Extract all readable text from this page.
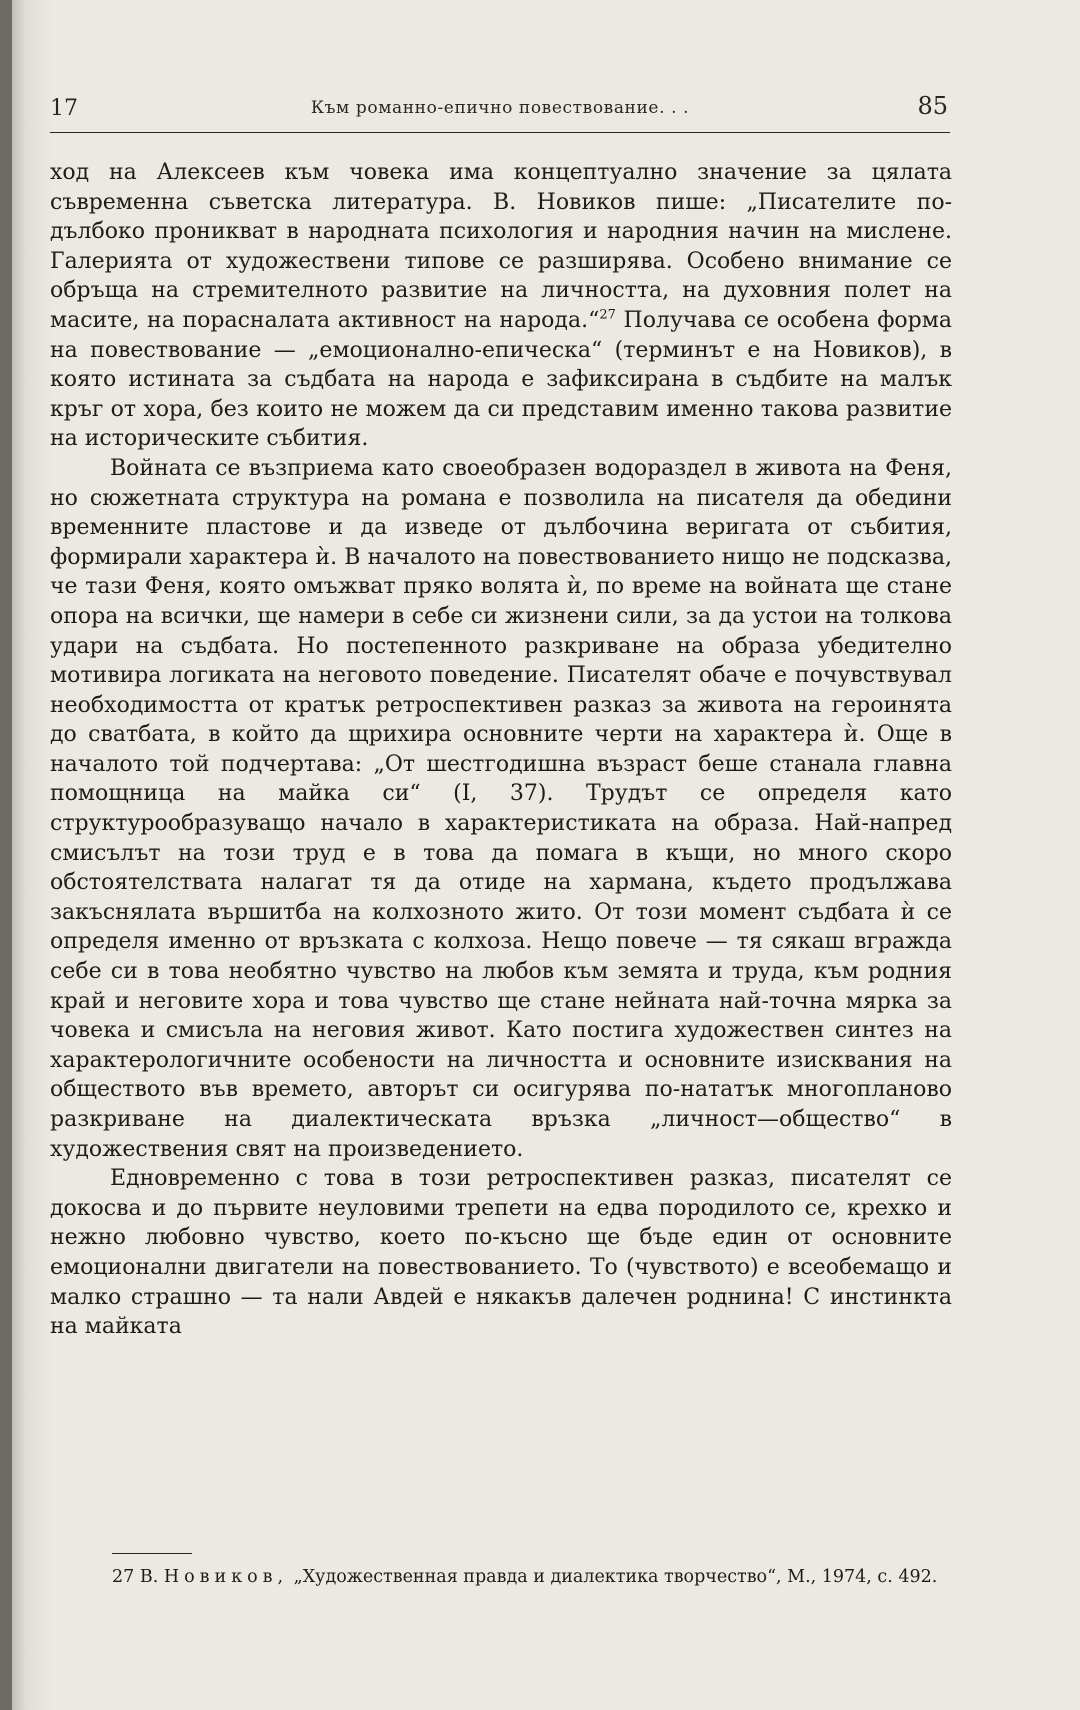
17	Към романно-епично повествование. . .	85

ход на Алексеев към човека има концептуално значение за цялата съвременна съветска литература. В. Новиков пише: „Писателите по-дълбоко проникват в народната психология и народния начин на мислене. Галерията от художествени типове се разширява. Особено внимание се обръща на стремителното развитие на личността, на духовния полет на масите, на порасналата активност на народа.“$^{27}$ Получава се особена форма на повествование — „емоционално-епическа“ (терминът е на Новиков), в която истината за съдбата на народа е зафиксирана в съдбите на малък кръг от хора, без които не можем да си представим именно такова развитие на историческите събития.

Войната се възприема като своеобразен водораздел в живота на Феня, но сюжетната структура на романа е позволила на писателя да обедини временните пластове и да изведе от дълбочина веригата от събития, формирали характера ѝ. В началото на повествованието нищо не подсказва, че тази Феня, която омъжват пряко волята ѝ, по време на войната ще стане опора на всички, ще намери в себе си жизнени сили, за да устои на толкова удари на съдбата. Но постепенното разкриване на образа убедително мотивира логиката на неговото поведение. Писателят обаче е почувствувал необходимостта от кратък ретроспективен разказ за живота на героинята до сватбата, в който да щрихира основните черти на характера ѝ. Още в началото той подчертава: „От шестгодишна възраст беше станала главна помощница на майка си“ (I, 37). Трудът се определя като структурообразуващо начало в характеристиката на образа. Най-напред смисълът на този труд е в това да помага в къщи, но много скоро обстоятелствата налагат тя да отиде на харманa, където продължава закъснялата вършитба на колхозното жито. От този момент съдбата ѝ се определя именно от връзката с колхоза. Нещо повече — тя сякаш вгражда себе си в това необятно чувство на любов към земята и труда, към родния край и неговите хора и това чувство ще стане нейната най-точна мярка за човека и смисъла на неговия живот. Като постига художествен синтез на характерологичните особености на личността и основните изисквания на обществото във времето, авторът си осигурява по-нататък многопланово разкриване на диалектическата връзка „личност—общество“ в художествения свят на произведението.

Едновременно с това в този ретроспективен разказ, писателят се докосва и до първите неуловими трепети на едва породилото се, крехко и нежно любовно чувство, което по-късно ще бъде един от основните емоционални двигатели на повествованието. То (чувството) е всеобемащо и малко страшно — та нали Авдей е някакъв далечен роднина! С инстинкта на майката

27 В. Новиков, „Художественная правда и диалектика творчество“, М., 1974, с. 492.
